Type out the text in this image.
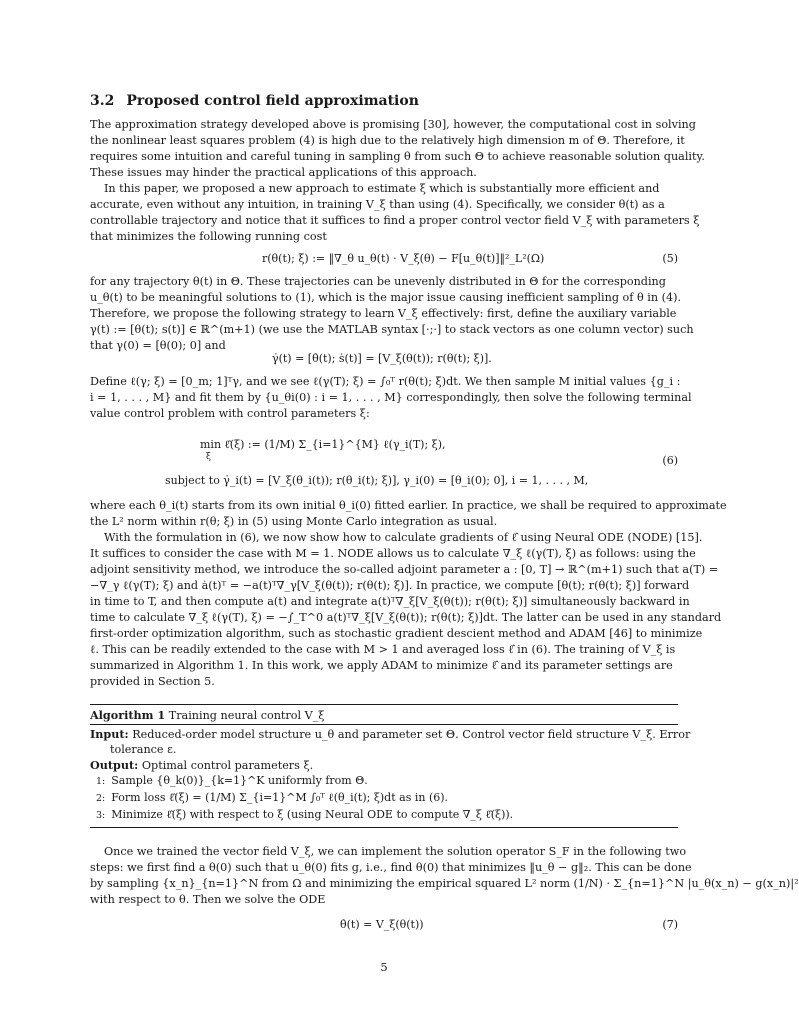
3.2 Proposed control field approximation
The approximation strategy developed above is promising [30], however, the computational cost in solving
the nonlinear least squares problem (4) is high due to the relatively high dimension m of Θ. Therefore, it
requires some intuition and careful tuning in sampling θ from such Θ to achieve reasonable solution quality.
These issues may hinder the practical applications of this approach.
In this paper, we proposed a new approach to estimate ξ which is substantially more efficient and
accurate, even without any intuition, in training V_ξ than using (4). Specifically, we consider θ(t) as a
controllable trajectory and notice that it suffices to find a proper control vector field V_ξ with parameters ξ
that minimizes the following running cost
r(θ(t); ξ) := ‖∇_θ u_θ(t) · V_ξ(θ) − F[u_θ(t)]‖²_L²(Ω)	(5)
for any trajectory θ(t) in Θ. These trajectories can be unevenly distributed in Θ for the corresponding
u_θ(t) to be meaningful solutions to (1), which is the major issue causing inefficient sampling of θ in (4).
Therefore, we propose the following strategy to learn V_ξ effectively: first, define the auxiliary variable
γ(t) := [θ(t); s(t)] ∈ ℝ^(m+1) (we use the MATLAB syntax [·;·] to stack vectors as one column vector) such
that γ(0) = [θ(0); 0] and
γ̇(t) = [θ̇(t); ṡ(t)] = [V_ξ(θ(t)); r(θ(t); ξ)].
Define ℓ(γ; ξ) = [0_m; 1]ᵀγ, and we see ℓ(γ(T); ξ) = ∫₀ᵀ r(θ(t); ξ)dt. We then sample M initial values {g_i :
i = 1, . . . , M} and fit them by {u_θi(0) : i = 1, . . . , M} correspondingly, then solve the following terminal
value control problem with control parameters ξ:
min ℓ̂(ξ) := (1/M) Σ_{i=1}^{M} ℓ(γ_i(T); ξ),
ξ	(6)
subject to γ̇_i(t) = [V_ξ(θ_i(t)); r(θ_i(t); ξ)], γ_i(0) = [θ_i(0); 0], i = 1, . . . , M,
where each θ_i(t) starts from its own initial θ_i(0) fitted earlier. In practice, we shall be required to approximate
the L² norm within r(θ; ξ) in (5) using Monte Carlo integration as usual.
With the formulation in (6), we now show how to calculate gradients of ℓ̂ using Neural ODE (NODE) [15].
It suffices to consider the case with M = 1. NODE allows us to calculate ∇_ξ ℓ(γ(T), ξ) as follows: using the
adjoint sensitivity method, we introduce the so-called adjoint parameter a : [0, T] → ℝ^(m+1) such that a(T) =
−∇_γ ℓ(γ(T); ξ) and ȧ(t)ᵀ = −a(t)ᵀ∇_γ[V_ξ(θ(t)); r(θ(t); ξ)]. In practice, we compute [θ(t); r(θ(t); ξ)] forward
in time to T, and then compute a(t) and integrate a(t)ᵀ∇_ξ[V_ξ(θ(t)); r(θ(t); ξ)] simultaneously backward in
time to calculate ∇_ξ ℓ(γ(T), ξ) = −∫_T^0 a(t)ᵀ∇_ξ[V_ξ(θ(t)); r(θ(t); ξ)]dt. The latter can be used in any standard
first-order optimization algorithm, such as stochastic gradient descient method and ADAM [46] to minimize
ℓ. This can be readily extended to the case with M > 1 and averaged loss ℓ̂ in (6). The training of V_ξ is
summarized in Algorithm 1. In this work, we apply ADAM to minimize ℓ̂ and its parameter settings are
provided in Section 5.
Algorithm 1 Training neural control V_ξ
Input: Reduced-order model structure u_θ and parameter set Θ. Control vector field structure V_ξ. Error
tolerance ε.
Output: Optimal control parameters ξ.
1: Sample {θ_k(0)}_{k=1}^K uniformly from Θ.
2: Form loss ℓ̂(ξ) = (1/M) Σ_{i=1}^M ∫₀ᵀ ℓ(θ_i(t); ξ)dt as in (6).
3: Minimize ℓ̂(ξ) with respect to ξ (using Neural ODE to compute ∇_ξ ℓ̂(ξ)).
Once we trained the vector field V_ξ, we can implement the solution operator S_F in the following two
steps: we first find a θ(0) such that u_θ(0) fits g, i.e., find θ(0) that minimizes ‖u_θ − g‖₂. This can be done
by sampling {x_n}_{n=1}^N from Ω and minimizing the empirical squared L² norm (1/N) · Σ_{n=1}^N |u_θ(x_n) − g(x_n)|²
with respect to θ. Then we solve the ODE
θ̇(t) = V_ξ(θ(t))	(7)
5
